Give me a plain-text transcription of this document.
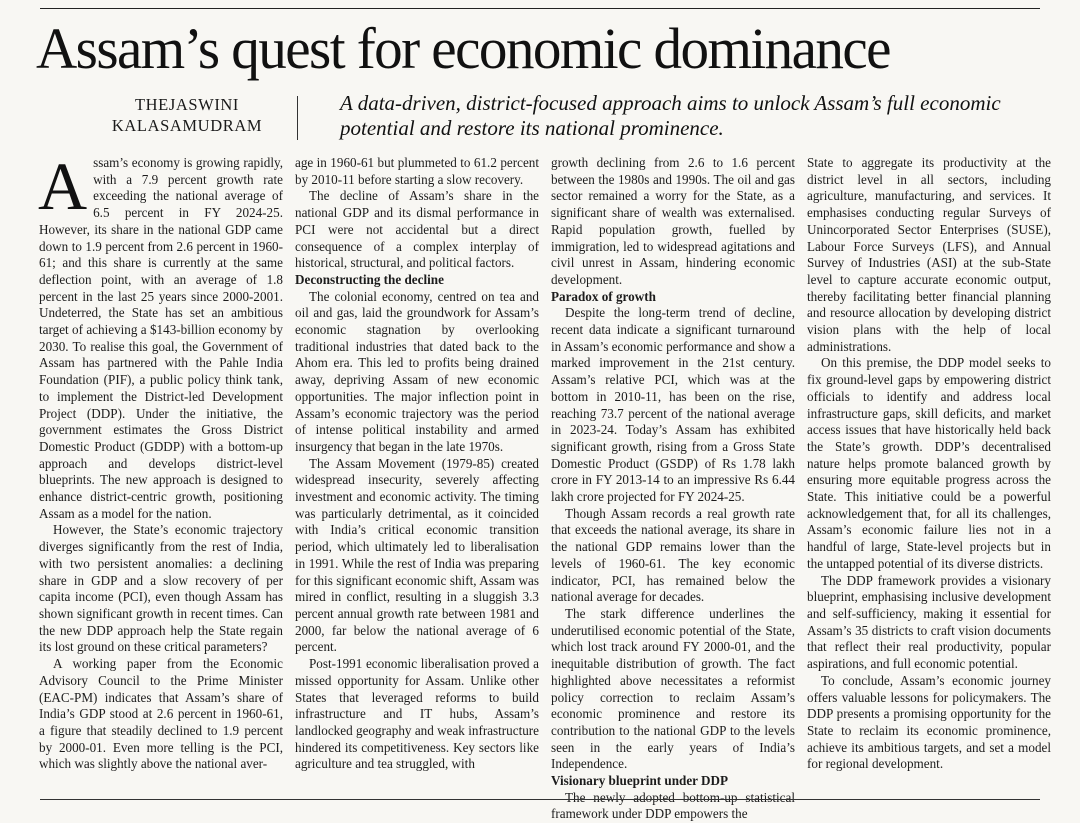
Assam’s quest for economic dominance
THEJASWINI
KALASAMUDRAM
A data-driven, district-focused approach aims to unlock Assam’s full economic potential and restore its national prominence.

Assam’s economy is growing rapidly, with a 7.9 percent growth rate exceeding the national average of 6.5 percent in FY 2024-25. However, its share in the national GDP came down to 1.9 percent from 2.6 percent in 1960-61; and this share is currently at the same deflection point, with an average of 1.8 percent in the last 25 years since 2000-2001. Undeterred, the State has set an ambitious target of achieving a $143-billion economy by 2030. To realise this goal, the Government of Assam has partnered with the Pahle India Foundation (PIF), a public policy think tank, to implement the District-led Development Project (DDP). Under the initiative, the government estimates the Gross District Domestic Product (GDDP) with a bottom-up approach and develops district-level blueprints. The new approach is designed to enhance district-centric growth, positioning Assam as a model for the nation.

However, the State’s economic trajectory diverges significantly from the rest of India, with two persistent anomalies: a declining share in GDP and a slow recovery of per capita income (PCI), even though Assam has shown significant growth in recent times. Can the new DDP approach help the State regain its lost ground on these critical parameters?

A working paper from the Economic Advisory Council to the Prime Minister (EAC-PM) indicates that Assam’s share of India’s GDP stood at 2.6 percent in 1960-61, a figure that steadily declined to 1.9 percent by 2000-01. Even more telling is the PCI, which was slightly above the national aver-

age in 1960-61 but plummeted to 61.2 percent by 2010-11 before starting a slow recovery.

The decline of Assam’s share in the national GDP and its dismal performance in PCI were not accidental but a direct consequence of a complex interplay of historical, structural, and political factors.

Deconstructing the decline

The colonial economy, centred on tea and oil and gas, laid the groundwork for Assam’s economic stagnation by overlooking traditional industries that dated back to the Ahom era. This led to profits being drained away, depriving Assam of new economic opportunities. The major inflection point in Assam’s economic trajectory was the period of intense political instability and armed insurgency that began in the late 1970s.

The Assam Movement (1979-85) created widespread insecurity, severely affecting investment and economic activity. The timing was particularly detrimental, as it coincided with India’s critical economic transition period, which ultimately led to liberalisation in 1991. While the rest of India was preparing for this significant economic shift, Assam was mired in conflict, resulting in a sluggish 3.3 percent annual growth rate between 1981 and 2000, far below the national average of 6 percent.

Post-1991 economic liberalisation proved a missed opportunity for Assam. Unlike other States that leveraged reforms to build infrastructure and IT hubs, Assam’s landlocked geography and weak infrastructure hindered its competitiveness. Key sectors like agriculture and tea struggled, with

growth declining from 2.6 to 1.6 percent between the 1980s and 1990s. The oil and gas sector remained a worry for the State, as a significant share of wealth was externalised. Rapid population growth, fuelled by immigration, led to widespread agitations and civil unrest in Assam, hindering economic development.

Paradox of growth

Despite the long-term trend of decline, recent data indicate a significant turnaround in Assam’s economic performance and show a marked improvement in the 21st century. Assam’s relative PCI, which was at the bottom in 2010-11, has been on the rise, reaching 73.7 percent of the national average in 2023-24. Today’s Assam has exhibited significant growth, rising from a Gross State Domestic Product (GSDP) of Rs 1.78 lakh crore in FY 2013-14 to an impressive Rs 6.44 lakh crore projected for FY 2024-25.

Though Assam records a real growth rate that exceeds the national average, its share in the national GDP remains lower than the levels of 1960-61. The key economic indicator, PCI, has remained below the national average for decades.

The stark difference underlines the underutilised economic potential of the State, which lost track around FY 2000-01, and the inequitable distribution of growth. The fact highlighted above necessitates a reformist policy correction to reclaim Assam’s economic prominence and restore its contribution to the national GDP to the levels seen in the early years of India’s Independence.

Visionary blueprint under DDP

The newly adopted bottom-up statistical framework under DDP empowers the

State to aggregate its productivity at the district level in all sectors, including agriculture, manufacturing, and services. It emphasises conducting regular Surveys of Unincorporated Sector Enterprises (SUSE), Labour Force Surveys (LFS), and Annual Survey of Industries (ASI) at the sub-State level to capture accurate economic output, thereby facilitating better financial planning and resource allocation by developing district vision plans with the help of local administrations.

On this premise, the DDP model seeks to fix ground-level gaps by empowering district officials to identify and address local infrastructure gaps, skill deficits, and market access issues that have historically held back the State’s growth. DDP’s decentralised nature helps promote balanced growth by ensuring more equitable progress across the State. This initiative could be a powerful acknowledgement that, for all its challenges, Assam’s economic failure lies not in a handful of large, State-level projects but in the untapped potential of its diverse districts.

The DDP framework provides a visionary blueprint, emphasising inclusive development and self-sufficiency, making it essential for Assam’s 35 districts to craft vision documents that reflect their real productivity, popular aspirations, and full economic potential.

To conclude, Assam’s economic journey offers valuable lessons for policymakers. The DDP presents a promising opportunity for the State to reclaim its economic prominence, achieve its ambitious targets, and set a model for regional development.
